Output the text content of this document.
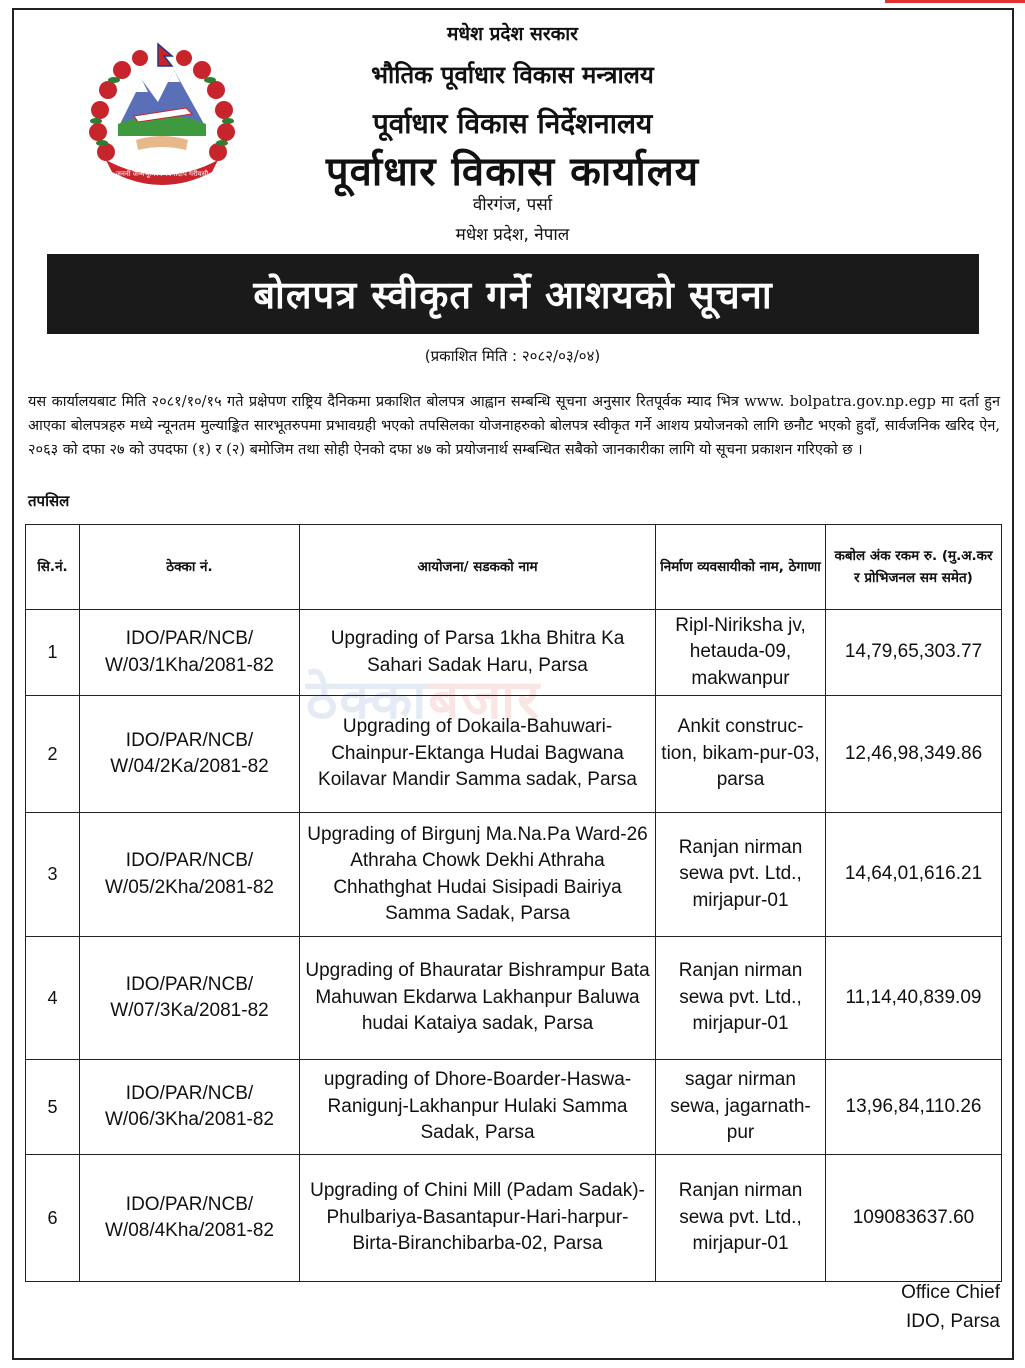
जननी जन्मभूमिश्च स्वर्गादपि गरीयसी
मधेश प्रदेश सरकार
भौतिक पूर्वाधार विकास मन्त्रालय
पूर्वाधार विकास निर्देशनालय
पूर्वाधार विकास कार्यालय
वीरगंज, पर्सा
मधेश प्रदेश, नेपाल
बोलपत्र स्वीकृत गर्ने आशयको सूचना
(प्रकाशित मिति : २०८२/०३/०४)
यस कार्यालयबाट मिति २०८१/१०/१५ गते प्रक्षेपण राष्ट्रिय दैनिकमा प्रकाशित बोलपत्र आह्वान सम्बन्धि सूचना अनुसार रितपूर्वक म्याद भित्र www. bolpatra.gov.np.egp मा दर्ता हुन आएका बोलपत्रहरु मध्ये न्यूनतम मुल्याङ्कित सारभूतरुपमा प्रभावग्रही भएको तपसिलका योजनाहरुको बोलपत्र स्वीकृत गर्ने आशय प्रयोजनको लागि छनौट भएको हुदाँ, सार्वजनिक खरिद ऐन, २०६३ को दफा २७ को उपदफा (१) र (२) बमोजिम तथा सोही ऐनको दफा ४७ को प्रयोजनार्थ सम्बन्धित सबैको जानकारीका लागि यो सूचना प्रकाशन गरिएको छ ।
तपसिल
ठेक्काबजार
सि.नं.	ठेक्का नं.	आयोजना/ सडकको नाम	निर्माण व्यवसायीको नाम, ठेगाणा	कबोल अंक रकम रु. (मु.अ.कर र प्रोभिजनल सम समेत)
1	IDO/PAR/NCB/ W/03/1Kha/2081-82	Upgrading of Parsa 1kha Bhitra Ka Sahari Sadak Haru, Parsa	Ripl-Niriksha jv, hetauda-09, makwanpur	14,79,65,303.77
2	IDO/PAR/NCB/ W/04/2Ka/2081-82	Upgrading of Dokaila-Bahuwari-Chainpur-Ektanga Hudai Bagwana Koilavar Mandir Samma sadak, Parsa	Ankit construc-tion, bikam-pur-03, parsa	12,46,98,349.86
3	IDO/PAR/NCB/ W/05/2Kha/2081-82	Upgrading of Birgunj Ma.Na.Pa Ward-26 Athraha Chowk Dekhi Athraha Chhathghat Hudai Sisipadi Bairiya Samma Sadak, Parsa	Ranjan nirman sewa pvt. Ltd., mirjapur-01	14,64,01,616.21
4	IDO/PAR/NCB/ W/07/3Ka/2081-82	Upgrading of Bhauratar Bishrampur Bata Mahuwan Ekdarwa Lakhanpur Baluwa hudai Kataiya sadak, Parsa	Ranjan nirman sewa pvt. Ltd., mirjapur-01	11,14,40,839.09
5	IDO/PAR/NCB/ W/06/3Kha/2081-82	upgrading of Dhore-Boarder-Haswa-Ranigunj-Lakhanpur Hulaki Samma Sadak, Parsa	sagar nirman sewa, jagarnath-pur	13,96,84,110.26
6	IDO/PAR/NCB/ W/08/4Kha/2081-82	Upgrading of Chini Mill (Padam Sadak)-Phulbariya-Basantapur-Hari-harpur-Birta-Biranchibarba-02, Parsa	Ranjan nirman sewa pvt. Ltd., mirjapur-01	109083637.60
Office Chief
IDO, Parsa
